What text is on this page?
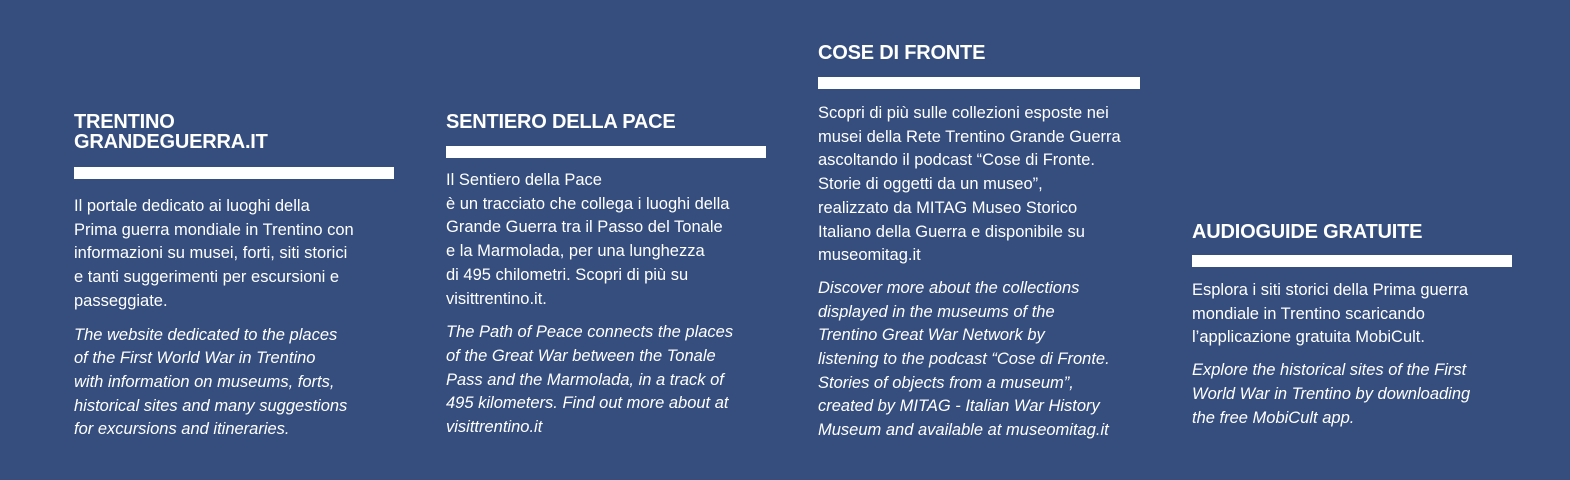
TRENTINO
GRANDEGUERRA.IT

Il portale dedicato ai luoghi della
Prima guerra mondiale in Trentino con
informazioni su musei, forti, siti storici
e tanti suggerimenti per escursioni e
passeggiate.

The website dedicated to the places
of the First World War in Trentino
with information on museums, forts,
historical sites and many suggestions
for excursions and itineraries.

SENTIERO DELLA PACE

Il Sentiero della Pace
è un tracciato che collega i luoghi della
Grande Guerra tra il Passo del Tonale
e la Marmolada, per una lunghezza
di 495 chilometri. Scopri di più su
visittrentino.it.

The Path of Peace connects the places
of the Great War between the Tonale
Pass and the Marmolada, in a track of
495 kilometers. Find out more about at
visittrentino.it

COSE DI FRONTE

Scopri di più sulle collezioni esposte nei
musei della Rete Trentino Grande Guerra
ascoltando il podcast “Cose di Fronte.
Storie di oggetti da un museo”,
realizzato da MITAG Museo Storico
Italiano della Guerra e disponibile su
museomitag.it

Discover more about the collections
displayed in the museums of the
Trentino Great War Network by
listening to the podcast “Cose di Fronte.
Stories of objects from a museum”,
created by MITAG - Italian War History
Museum and available at museomitag.it

AUDIOGUIDE GRATUITE

Esplora i siti storici della Prima guerra
mondiale in Trentino scaricando
l’applicazione gratuita MobiCult.

Explore the historical sites of the First
World War in Trentino by downloading
the free MobiCult app.
